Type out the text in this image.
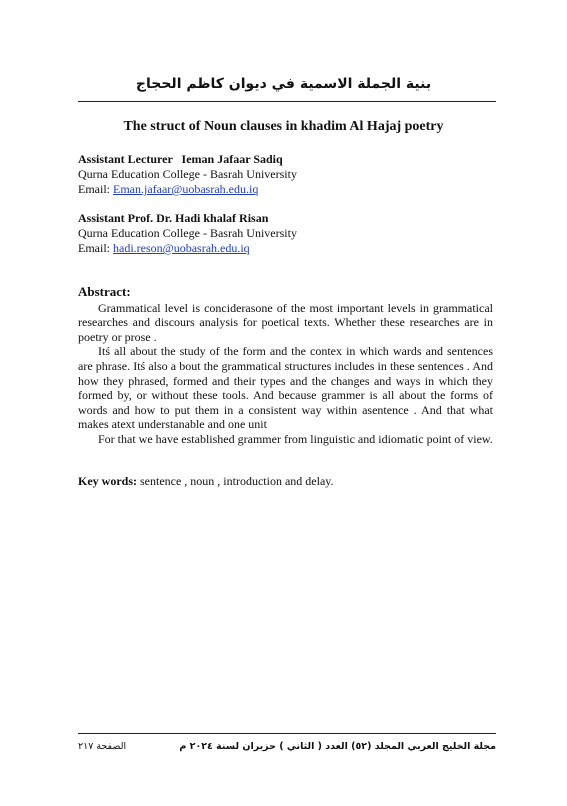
بنية الجملة الاسمية في ديوان كاظم الحجاج
The struct of Noun clauses in khadim Al Hajaj poetry
Assistant Lecturer   Ieman Jafaar Sadiq
Qurna Education College - Basrah University
Email: Eman.jafaar@uobasrah.edu.iq
Assistant Prof. Dr. Hadi khalaf Risan
Qurna Education College - Basrah University
Email: hadi.reson@uobasrah.edu.iq
Abstract:

Grammatical level is conciderasone of the most important levels in grammatical researches and discours analysis for poetical texts. Whether these researches are in poetry or prose .

Itś all about the study of the form and the contex in which wards and sentences are phrase. Itś also a bout the grammatical structures includes in these sentences . And how they phrased, formed and their types and the changes and ways in which they formed by, or without these tools. And because grammer is all about the forms of words and how to put them in a consistent way within asentence . And that what makes atext understanable and one unit

For that we have established grammer from linguistic and idiomatic point of view.

Key words: sentence , noun , introduction and delay.
مجلة الخليج العربي المجلد (٥٢) العدد ( الثاني ) حزيران لسنة ٢٠٢٤ م
الصفحة ٢١٧
